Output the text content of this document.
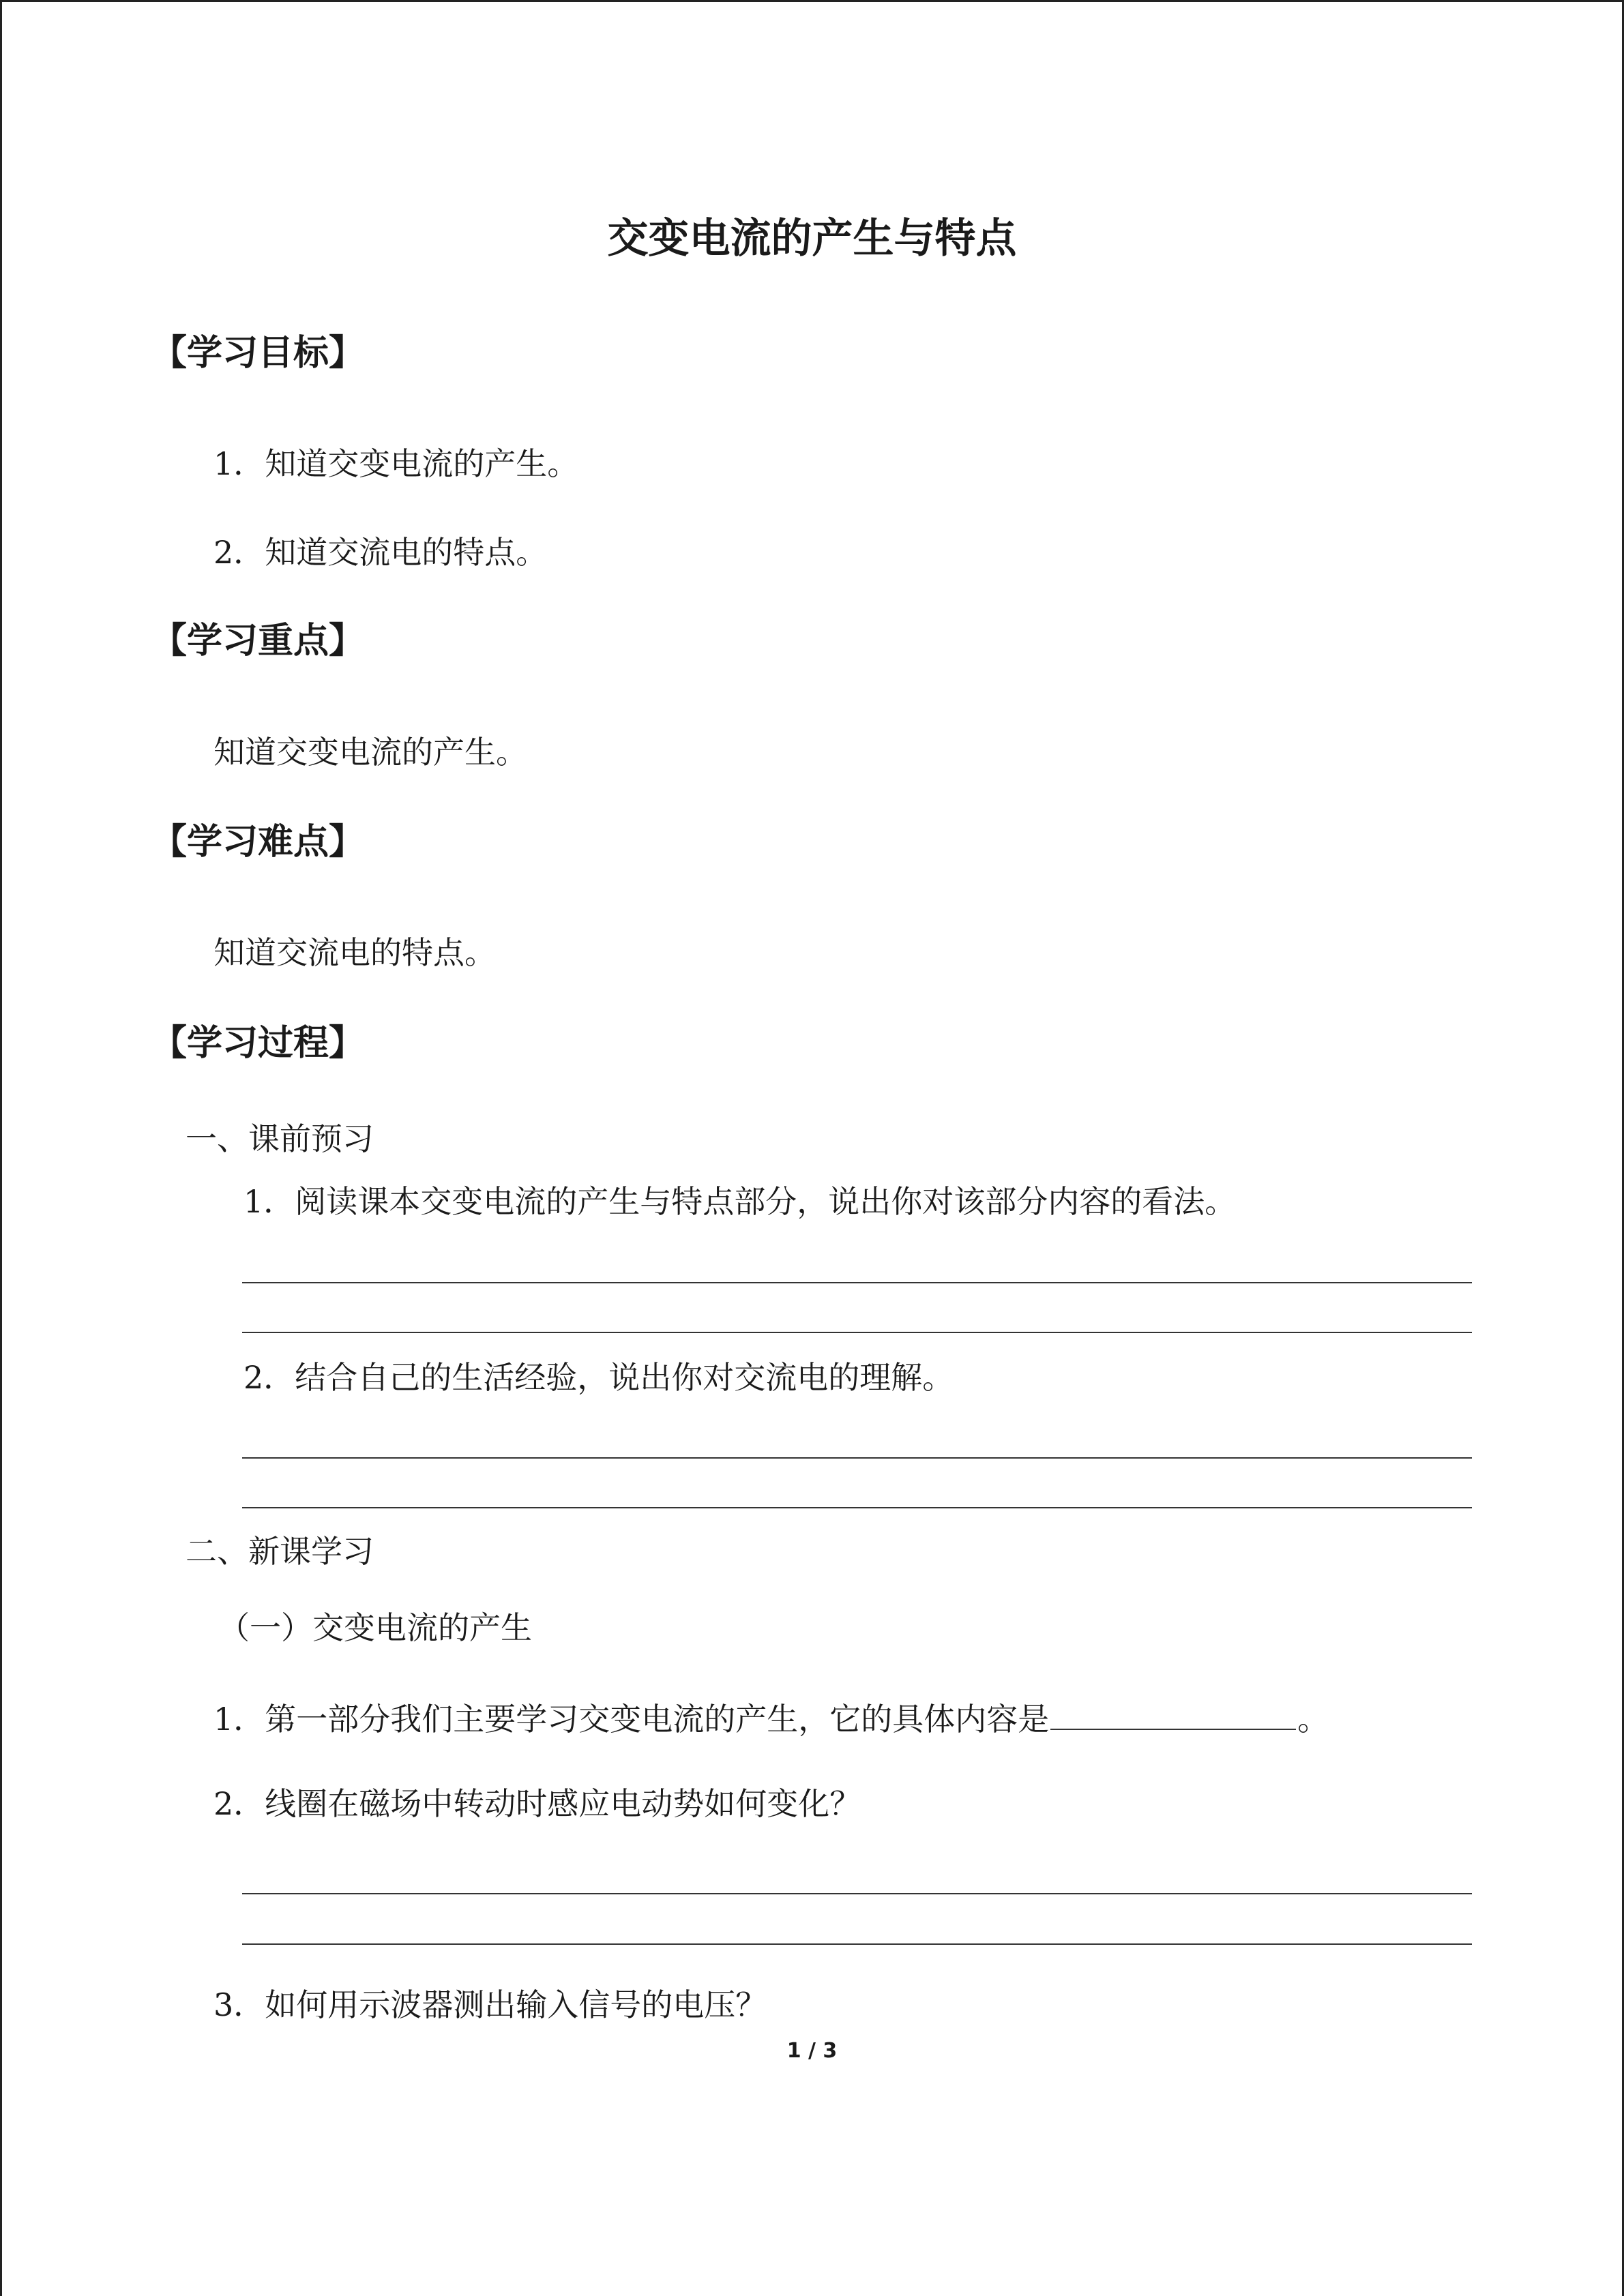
交变电流的产生与特点
【学习目标】
1．知道交变电流的产生。
2．知道交流电的特点。
【学习重点】
知道交变电流的产生。
【学习难点】
知道交流电的特点。
【学习过程】
一、课前预习
1．阅读课本交变电流的产生与特点部分，说出你对该部分内容的看法。
2．结合自己的生活经验，说出你对交流电的理解。
二、新课学习
（一）交变电流的产生
1．第一部分我们主要学习交变电流的产生，它的具体内容是	。
2．线圈在磁场中转动时感应电动势如何变化？
3．如何用示波器测出输入信号的电压？
1 / 3
